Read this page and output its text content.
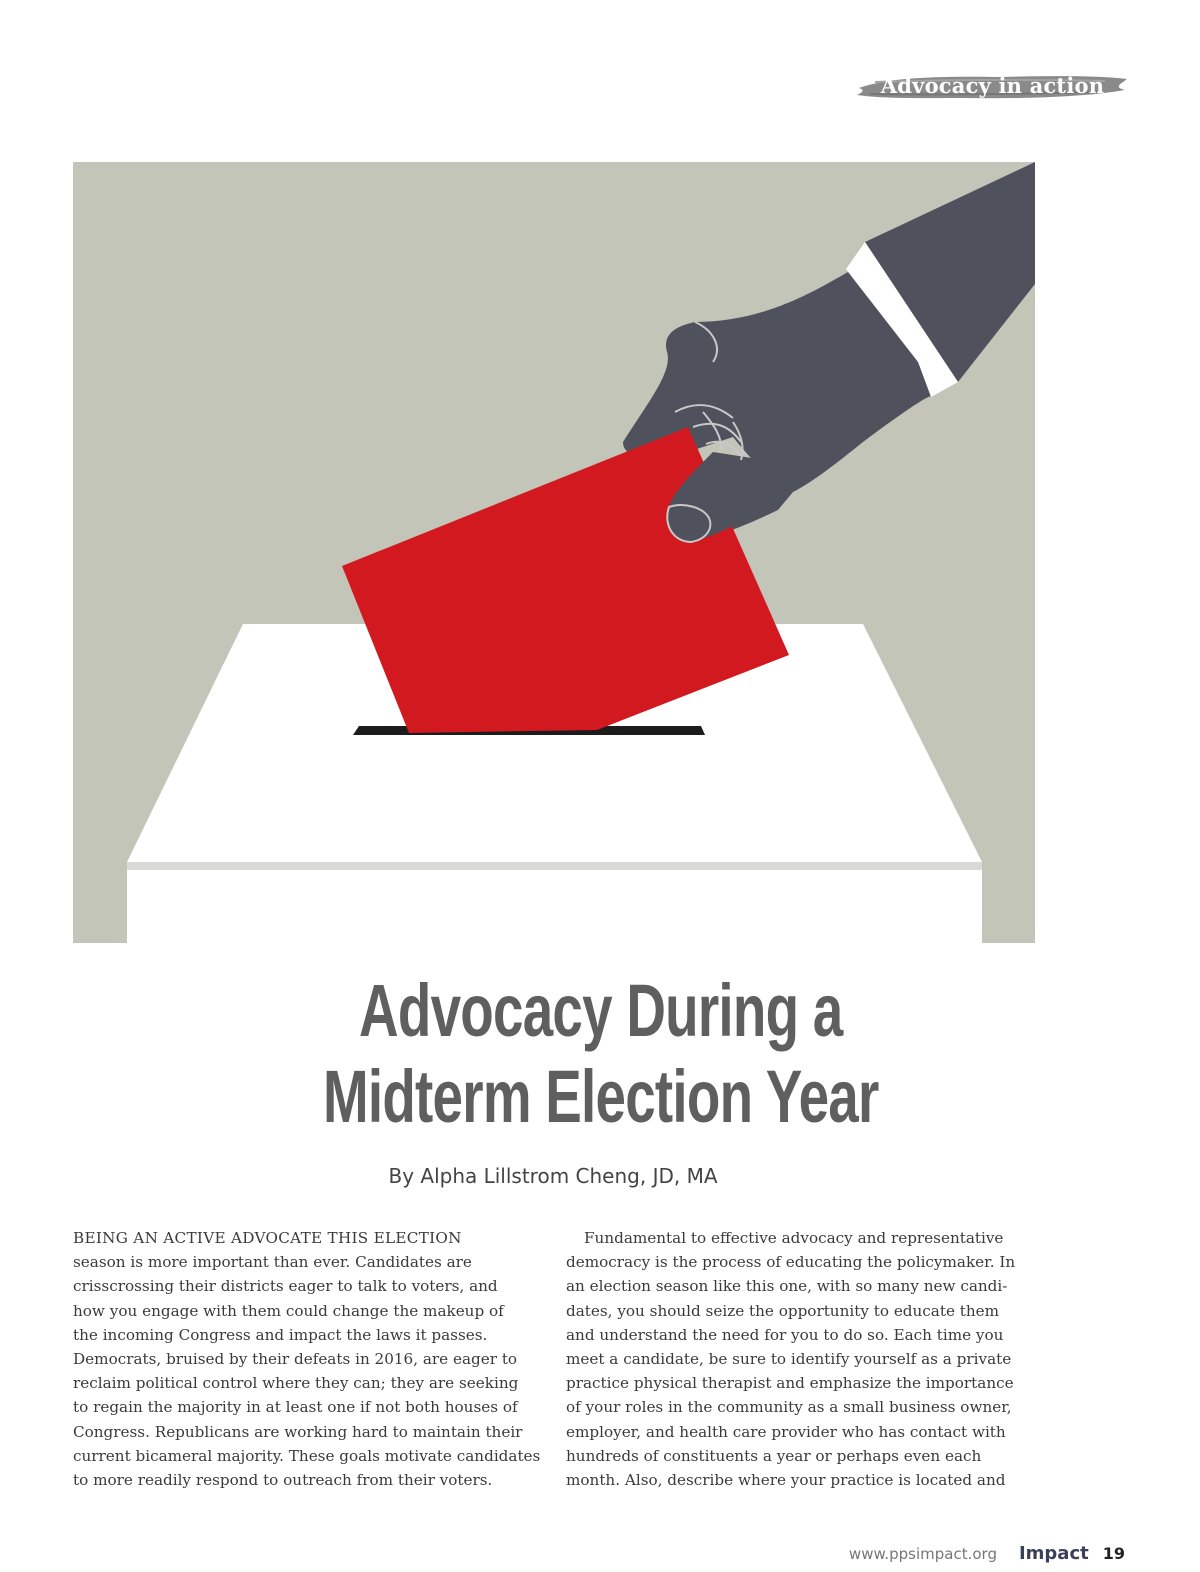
Advocacy in action
Advocacy During a
Midterm Election Year
By Alpha Lillstrom Cheng, JD, MA

BEING AN ACTIVE ADVOCATE THIS ELECTION
season is more important than ever. Candidates are
crisscrossing their districts eager to talk to voters, and
how you engage with them could change the makeup of
the incoming Congress and impact the laws it passes.
Democrats, bruised by their defeats in 2016, are eager to
reclaim political control where they can; they are seeking
to regain the majority in at least one if not both houses of
Congress. Republicans are working hard to maintain their
current bicameral majority. These goals motivate candidates
to more readily respond to outreach from their voters.

Fundamental to effective advocacy and representative
democracy is the process of educating the policymaker. In
an election season like this one, with so many new candi-
dates, you should seize the opportunity to educate them
and understand the need for you to do so. Each time you
meet a candidate, be sure to identify yourself as a private
practice physical therapist and emphasize the importance
of your roles in the community as a small business owner,
employer, and health care provider who has contact with
hundreds of constituents a year or perhaps even each
month. Also, describe where your practice is located and

www.ppsimpact.org Impact 19
